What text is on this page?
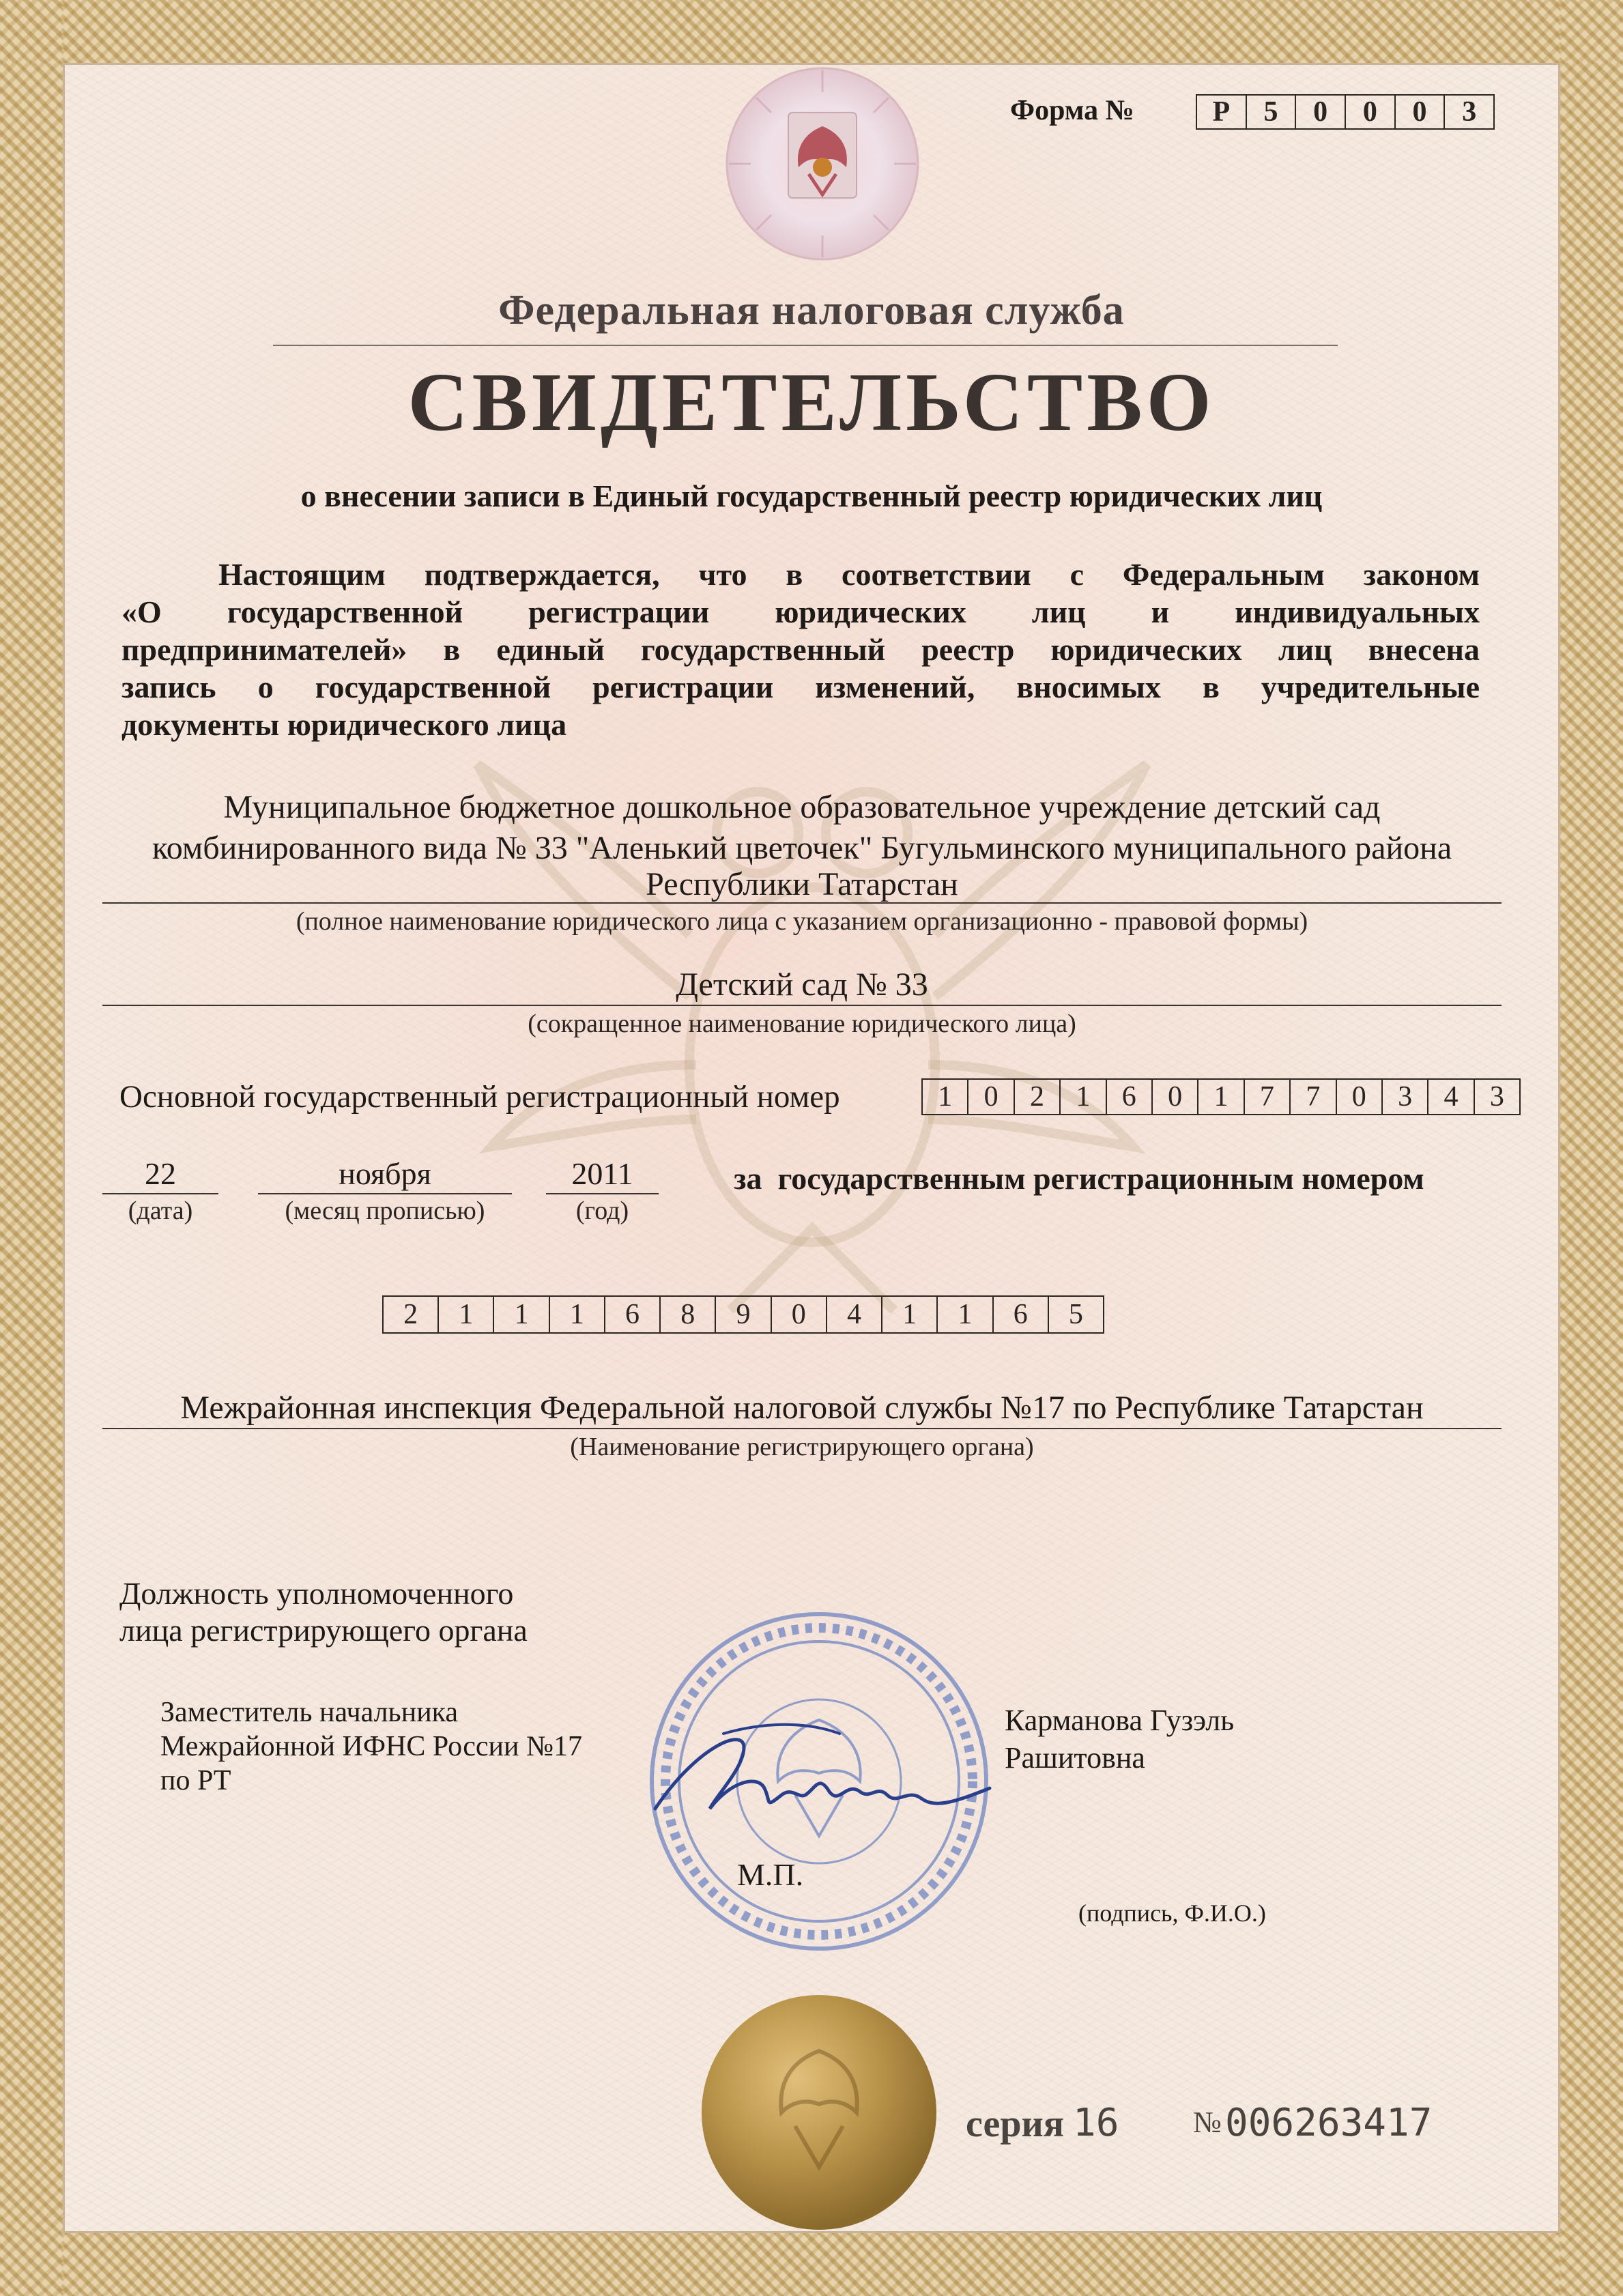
Форма №	Р	5	0	0	0	3
Федеральная налоговая служба
СВИДЕТЕЛЬСТВО
о внесении записи в Единый государственный реестр юридических лиц
Настоящим подтверждается, что в соответствии с Федеральным законом
«О государственной регистрации юридических лиц и индивидуальных
предпринимателей» в единый государственный реестр юридических лиц внесена
запись о государственной регистрации изменений, вносимых в учредительные
документы юридического лица
Муниципальное бюджетное дошкольное образовательное учреждение детский сад
комбинированного вида № 33 "Аленький цветочек" Бугульминского муниципального района
Республики Татарстан
(полное наименование юридического лица с указанием организационно - правовой формы)
Детский сад № 33
(сокращенное наименование юридического лица)
Основной государственный регистрационный номер	1	0	2	1	6	0	1	7	7	0	3	4	3
22
(дата)
ноября
(месяц прописью)
2011
(год)
за  государственным регистрационным номером
2	1	1	1	6	8	9	0	4	1	1	6	5
Межрайонная инспекция Федеральной налоговой службы №17 по Республике Татарстан
(Наименование регистрирующего органа)
Должность уполномоченного
лица регистрирующего органа
Заместитель начальника
Межрайонной ИФНС России №17
по РТ
Карманова Гузэль
Рашитовна
М.П.
(подпись, Ф.И.О.)
серия 16 № 006263417
